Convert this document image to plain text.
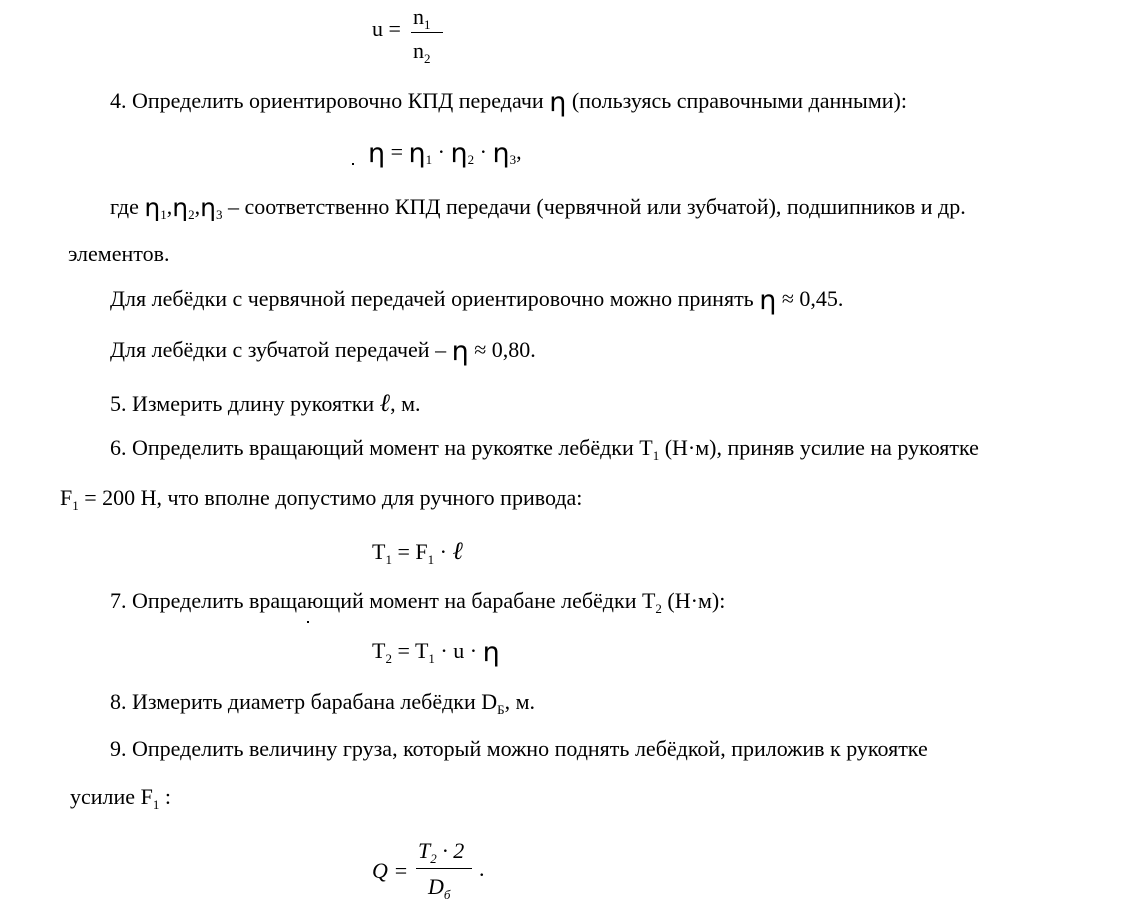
$u = n_1$
$n_2$
4. Определить ориентировочно КПД передачи η (пользуясь справочными данными):
$\eta = \eta_1 \cdot \eta_2 \cdot \eta_3$,
где $\eta_1,\eta_2,\eta_3$ – соответственно КПД передачи (червячной или зубчатой), подшипников и др.
элементов.
Для лебёдки с червячной передачей ориентировочно можно принять η ≈ 0,45.
Для лебёдки с зубчатой передачей – η ≈ 0,80.
5. Измерить длину рукоятки ℓ, м.
6. Определить вращающий момент на рукоятке лебёдки $T_1$ (Н·м), приняв усилие на рукоятке
$F_1 = 200$ Н, что вполне допустимо для ручного привода:
$T_1 = F_1$ · ℓ
7. Определить вращающий момент на барабане лебёдки $T_2$ (Н·м):
$T_2 = T_1 \cdot u \cdot \eta$
8. Измерить диаметр барабана лебёдки $D_Б$, м.
9. Определить величину груза, который можно поднять лебёдкой, приложив к рукоятке
усилие $F_1$ :
Q =
$T_2 \cdot 2$
$D_б$
.
